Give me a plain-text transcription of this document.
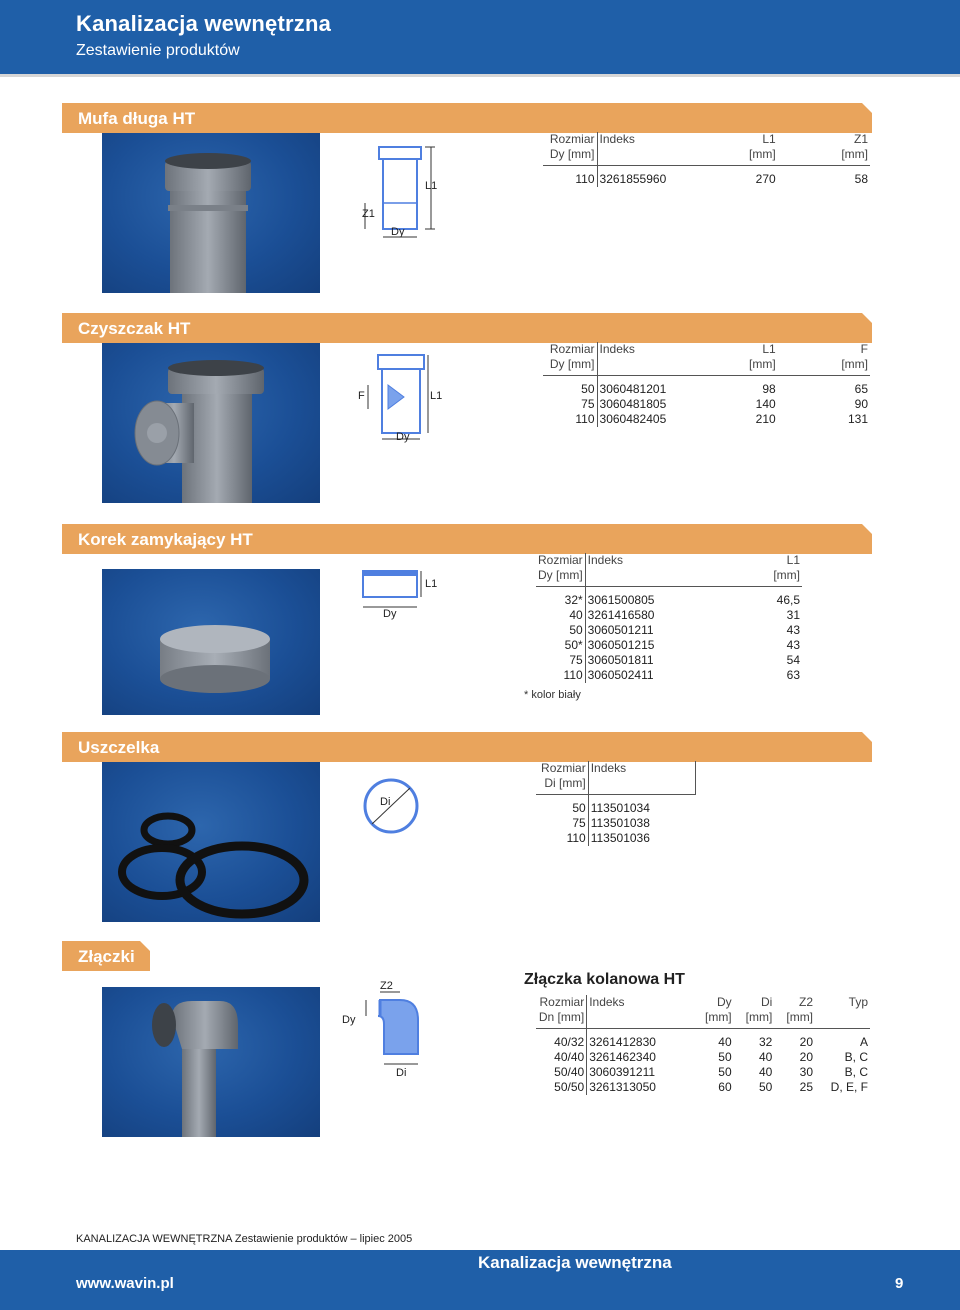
Kanalizacja wewnętrzna
Zestawienie produktów
Mufa długa HT
L1
Z1
Dy
Rozmiar	Indeks	L1	Z1
Dy [mm]		[mm]	[mm]
110	3261855960	270	58
Czyszczak HT
F	L1
Dy
Rozmiar	Indeks	L1	F
Dy [mm]		[mm]	[mm]
50	3060481201	98	65
75	3060481805	140	90
110	3060482405	210	131
Korek zamykający HT
L1
Dy
Rozmiar	Indeks	L1
Dy [mm]		[mm]
32*	3061500805	46,5
40	3261416580	31
50	3060501211	43
50*	3060501215	43
75	3060501811	54
110	3060502411	63
* kolor biały
Uszczelka
Di
Rozmiar	Indeks
Di [mm]	
50	113501034
75	113501038
110	113501036
Złączki
Złączka kolanowa HT
Z2
Dy
Di
Rozmiar	Indeks	Dy	Di	Z2	Typ
Dn [mm]		[mm]	[mm]	[mm]	
40/32	3261412830	40	32	20	A
40/40	3261462340	50	40	20	B, C
50/40	3060391211	50	40	30	B, C
50/50	3261313050	60	50	25	D, E, F
KANALIZACJA WEWNĘTRZNA Zestawienie produktów – lipiec 2005
Kanalizacja wewnętrzna
www.wavin.pl	9
